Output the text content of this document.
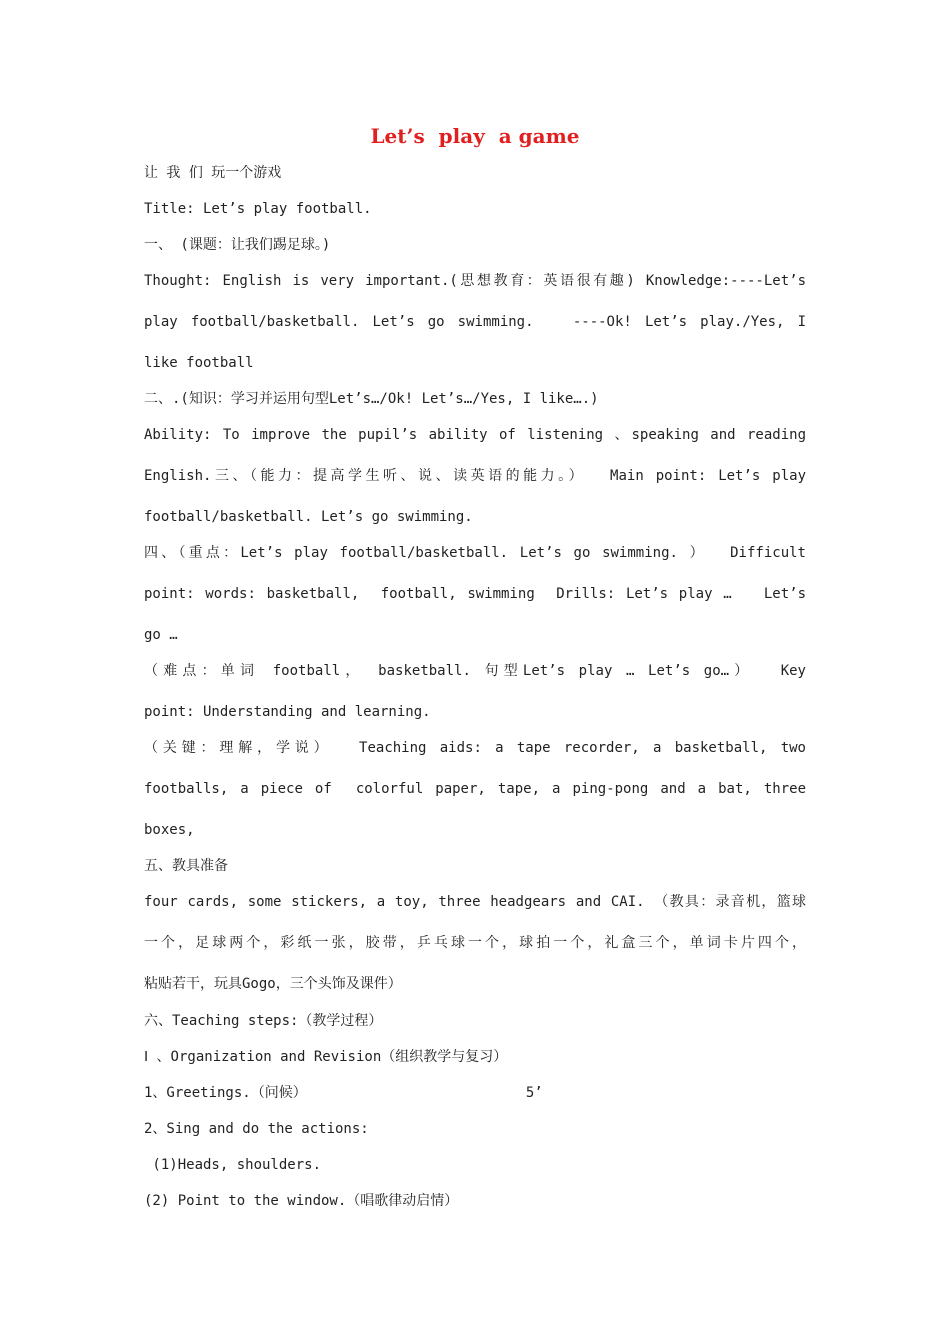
Let’s  play  a game
让 我 们 玩一个游戏
Title: Let’s play football.
一、 (课题：让我们踢足球。)
Thought: English is very important.(思想教育：英语很有趣) Knowledge:----Let’s
play football/basketball. Let’s go swimming.   ----Ok! Let’s play./Yes, I
like football
二、.(知识：学习并运用句型Let’s…/Ok! Let’s…/Yes, I like….)
Ability: To improve the pupil’s ability of listening 、speaking and reading
English.三、（能力：提高学生听、说、读英语的能力。）  Main point: Let’s play
football/basketball. Let’s go swimming.
四、（重点：Let’s play football/basketball. Let’s go swimming. ）  Difficult
point: words: basketball,  football, swimming  Drills: Let’s play …   Let’s
go …
（难点：单词 football， basketball. 句型Let’s play … Let’s go…）  Key
point: Understanding and learning.
（关键：理解，学说）  Teaching aids: a tape recorder, a basketball, two
footballs, a piece of  colorful paper, tape, a ping-pong and a bat, three
boxes,
五、教具准备
four cards, some stickers, a toy, three headgears and CAI. （教具：录音机，篮球
一个，足球两个，彩纸一张，胶带，乒乓球一个，球拍一个，礼盒三个，单词卡片四个，
粘贴若干，玩具Gogo，三个头饰及课件）
六、Teaching steps:（教学过程）
Ⅰ 、Organization and Revision（组织教学与复习）
1、Greetings.（问候）                          5’
2、Sing and do the actions:
(1)Heads, shoulders.
(2) Point to the window.（唱歌律动启情）
